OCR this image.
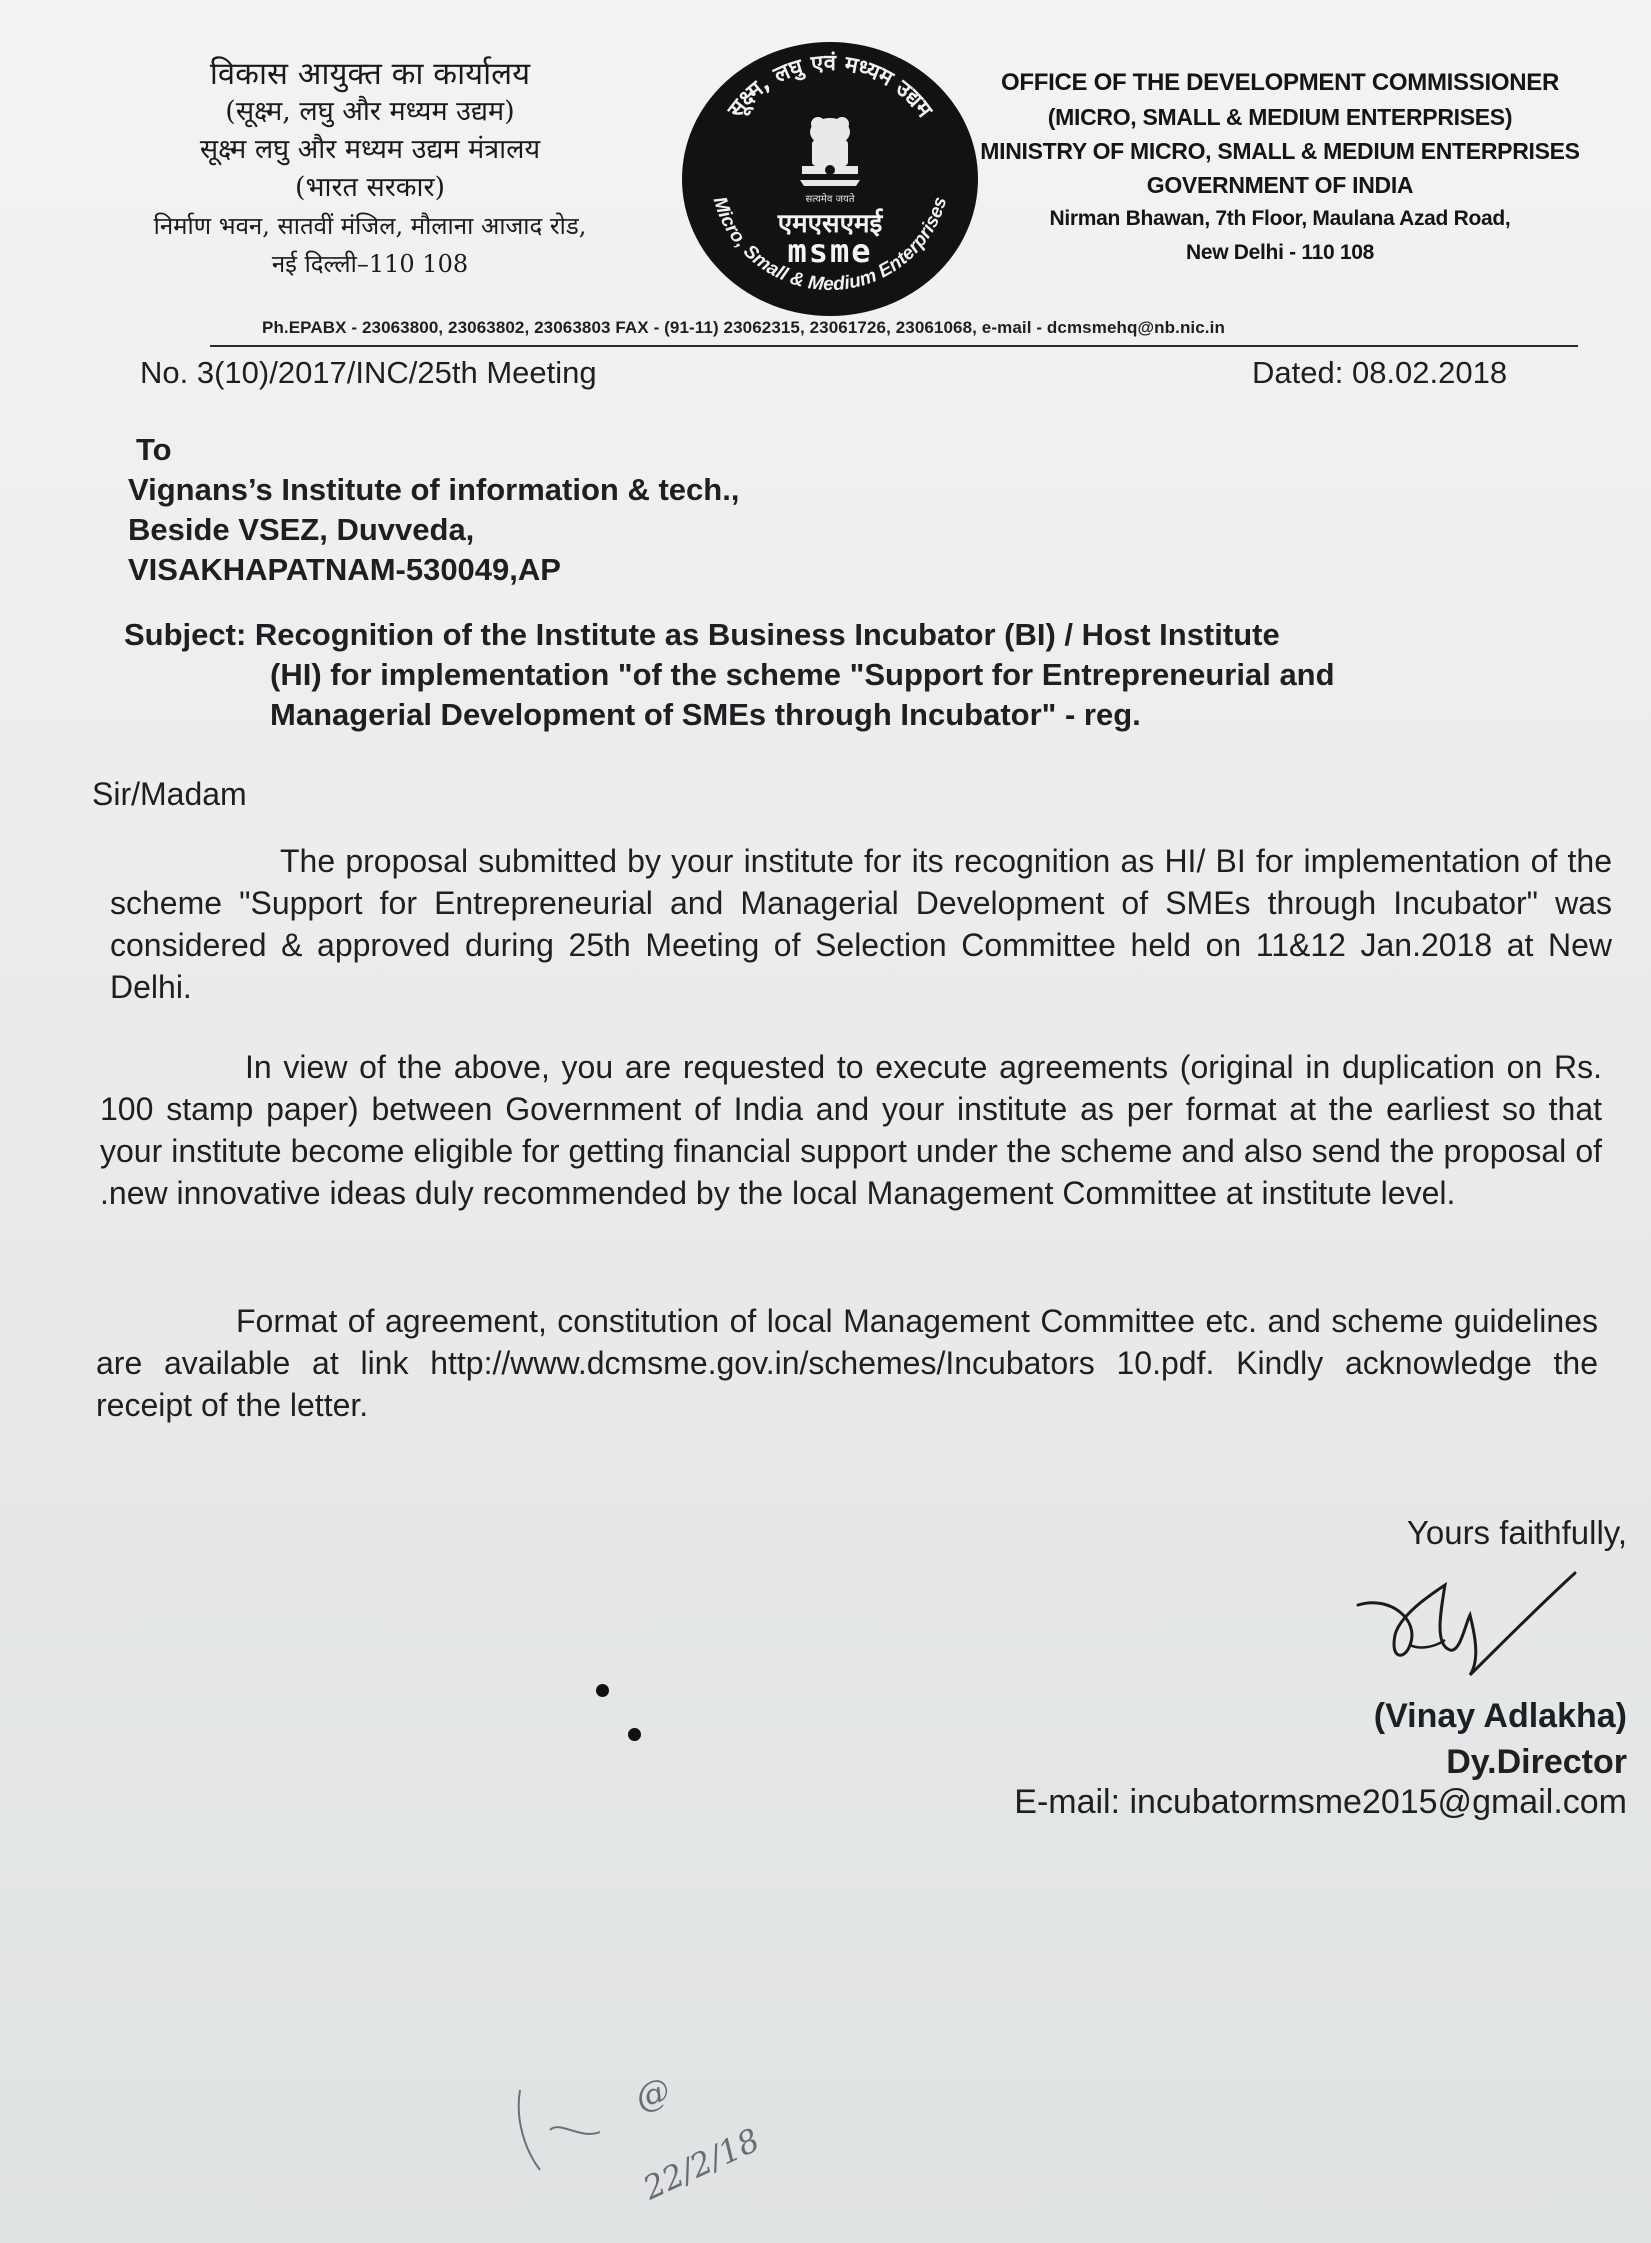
विकास आयुक्त का कार्यालय
(सूक्ष्म, लघु और मध्यम उद्यम)
सूक्ष्म लघु और मध्यम उद्यम मंत्रालय
(भारत सरकार)
निर्माण भवन, सातवीं मंजिल, मौलाना आजाद रोड,
नई दिल्ली–110 108
सूक्ष्म, लघु एवं मध्यम उद्यम
Micro, Small & Medium Enterprises
सत्यमेव जयते
एमएसएमई
msme
OFFICE OF THE DEVELOPMENT COMMISSIONER
(MICRO, SMALL & MEDIUM ENTERPRISES)
MINISTRY OF MICRO, SMALL & MEDIUM ENTERPRISES
GOVERNMENT OF INDIA
Nirman Bhawan, 7th Floor, Maulana Azad Road,
New Delhi - 110 108
Ph.EPABX - 23063800, 23063802, 23063803 FAX - (91-11) 23062315, 23061726, 23061068, e-mail - dcmsmehq@nb.nic.in
No. 3(10)/2017/INC/25th Meeting	Dated: 08.02.2018
To
Vignans’s Institute of information & tech.,
Beside VSEZ, Duvveda,
VISAKHAPATNAM-530049,AP
Subject: Recognition of the Institute as Business Incubator (BI) / Host Institute
(HI) for implementation "of the scheme "Support for Entrepreneurial and
Managerial Development of SMEs through Incubator" - reg.
Sir/Madam
The proposal submitted by your institute for its recognition as HI/ BI for implementation of the scheme "Support for Entrepreneurial and Managerial Development of SMEs through Incubator" was considered & approved during 25th Meeting of Selection Committee held on 11&12 Jan.2018 at New Delhi.
In view of the above, you are requested to execute agreements (original in duplication on Rs. 100 stamp paper) between Government of India and your institute as per format at the earliest so that your institute become eligible for getting financial support under the scheme and also send the proposal of .new innovative ideas duly recommended by the local Management Committee at institute level.
Format of agreement, constitution of local Management Committee etc. and scheme guidelines are available at link http://www.dcmsme.gov.in/schemes/Incubators 10.pdf. Kindly acknowledge the receipt of the letter.
Yours faithfully,
(Vinay Adlakha)
Dy.Director
E-mail: incubatormsme2015@gmail.com
@
22/2/18
